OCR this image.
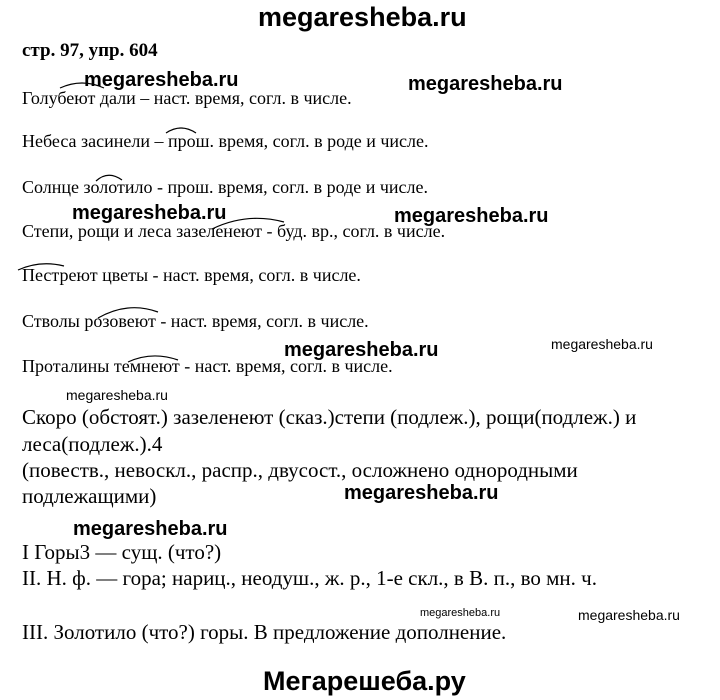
megaresheba.ru
Мегарешеба.ру
стр. 97, упр. 604
Голубеют дали – наст. время, согл. в числе.
Небеса засинели – прош. время, согл. в роде и числе.
Солнце золотило - прош. время, согл. в роде и числе.
Степи, рощи и леса зазеленеют - буд. вр., согл. в числе.
Пестреют цветы - наст. время, согл. в числе.
Стволы розовеют - наст. время, согл. в числе.
Проталины темнеют - наст. время, согл. в числе.
Скоро (обстоят.) зазеленеют (сказ.)степи (подлеж.), рощи(подлеж.) и
леса(подлеж.).4
(повеств., невоскл., распр., двусост., осложнено однородными
подлежащими)
I Горы3 — сущ. (что?)
II. Н. ф. — гора; нариц., неодуш., ж. р., 1-е скл., в В. п., во мн. ч.
III. Золотило (что?) горы. В предложение дополнение.
megaresheba.ru	megaresheba.ru
megaresheba.ru	megaresheba.ru
megaresheba.ru	megaresheba.ru
megaresheba.ru
megaresheba.ru
megaresheba.ru
megaresheba.ru	megaresheba.ru
